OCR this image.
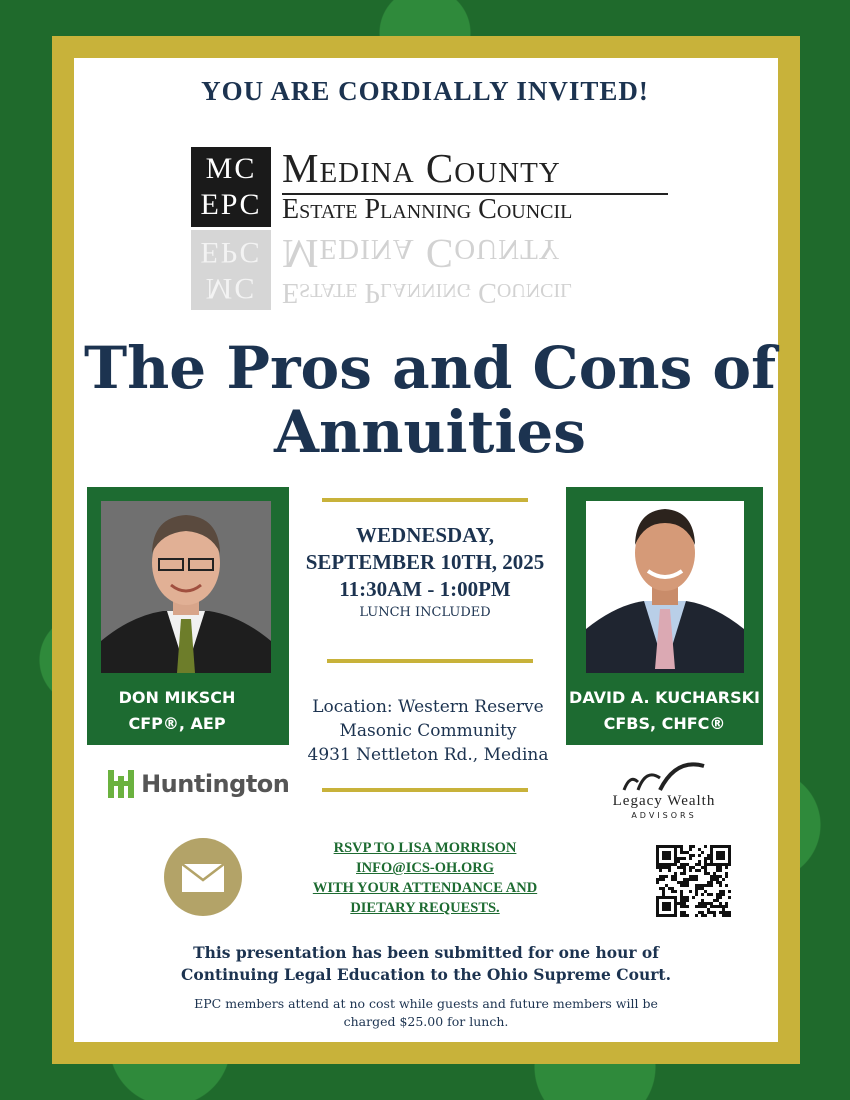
YOU ARE CORDIALLY INVITED!
MC
EPC
MC
EPC
Medina County
Estate Planning Council
Estate Planning Council
Medina County
The Pros and Cons of
Annuities
DON MIKSCH
CFP®, AEP
DAVID A. KUCHARSKI
CFBS, CHFC®
WEDNESDAY,
SEPTEMBER 10TH, 2025
11:30AM - 1:00PM
LUNCH INCLUDED
Location: Western Reserve
Masonic Community
4931 Nettleton Rd., Medina
Huntington
Legacy Wealth
ADVISORS
RSVP TO LISA MORRISON
INFO@ICS-OH.ORG
WITH YOUR ATTENDANCE AND
DIETARY REQUESTS.
This presentation has been submitted for one hour of
Continuing Legal Education to the Ohio Supreme Court.
EPC members attend at no cost while guests and future members will be
charged $25.00 for lunch.
